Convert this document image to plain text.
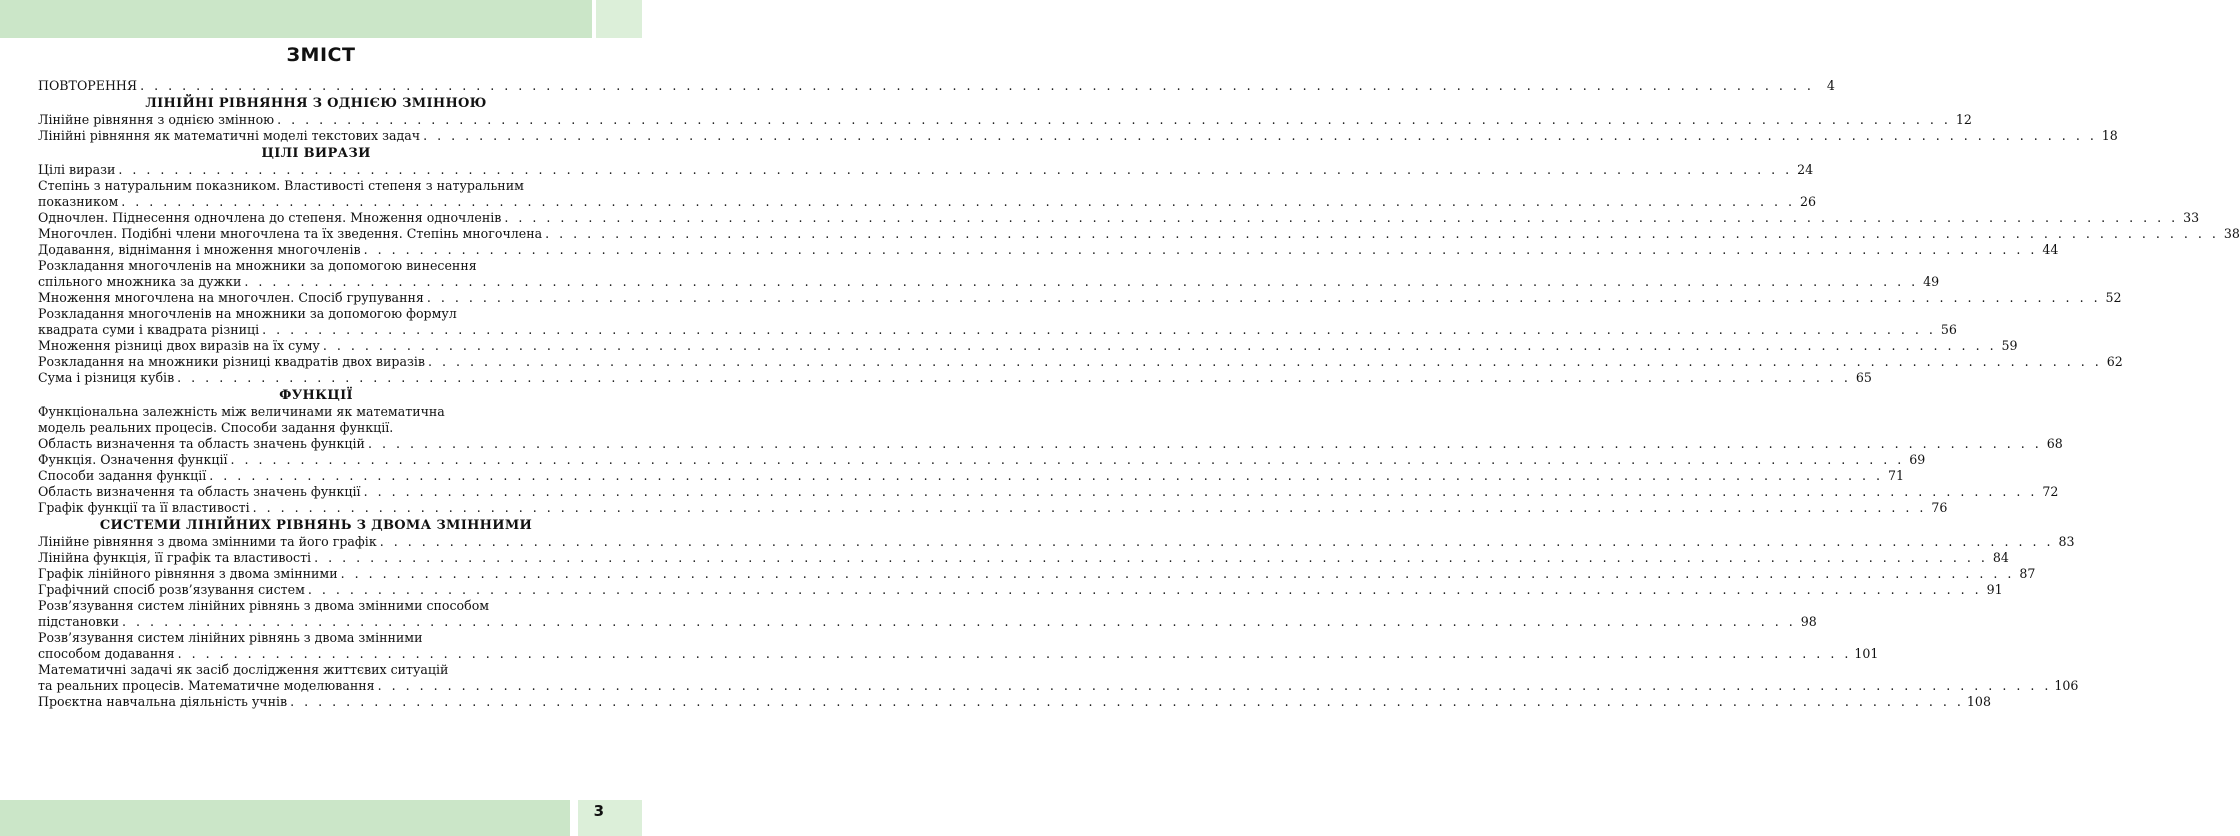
ЗМІСТ
ПОВТОРЕННЯ . . . . . . . . . . . . . . . . . . . . . . . . . . . . . . . . . . . . . . . . . . . . . . . . . . . . . . . . . . . . . . . . . . . . . . . . . . . . . . . . . . . . . . . . . . . . . . . . . . . . . . . . . . . . . . . . . . . . . . . .	4
ЛІНІЙНІ РІВНЯННЯ З ОДНІЄЮ ЗМІННОЮ
Лінійне рівняння з однією змінною . . . . . . . . . . . . . . . . . . . . . . . . . . . . . . . . . . . . . . . . . . . . . . . . . . . . . . . . . . . . . . . . . . . . . . . . . . . . . . . . . . . . . . . . . . . . . . . . . . . . . . . . . . . . . . . . . . . . . . . . 12
Лінійні рівняння як математичні моделі текстових задач . . . . . . . . . . . . . . . . . . . . . . . . . . . . . . . . . . . . . . . . . . . . . . . . . . . . . . . . . . . . . . . . . . . . . . . . . . . . . . . . . . . . . . . . . . . . . . . . . . . . . . . . . . . . . . . . . . . . . . . . 18
ЦІЛІ ВИРАЗИ
Цілі вирази . . . . . . . . . . . . . . . . . . . . . . . . . . . . . . . . . . . . . . . . . . . . . . . . . . . . . . . . . . . . . . . . . . . . . . . . . . . . . . . . . . . . . . . . . . . . . . . . . . . . . . . . . . . . . . . . . . . . . . . . 24
Степінь з натуральним показником. Властивості степеня з натуральним
показником . . . . . . . . . . . . . . . . . . . . . . . . . . . . . . . . . . . . . . . . . . . . . . . . . . . . . . . . . . . . . . . . . . . . . . . . . . . . . . . . . . . . . . . . . . . . . . . . . . . . . . . . . . . . . . . . . . . . . . . . 26
Одночлен. Піднесення одночлена до степеня. Множення одночленів . . . . . . . . . . . . . . . . . . . . . . . . . . . . . . . . . . . . . . . . . . . . . . . . . . . . . . . . . . . . . . . . . . . . . . . . . . . . . . . . . . . . . . . . . . . . . . . . . . . . . . . . . . . . . . . . . . . . . . . . 33
Многочлен. Подібні члени многочлена та їх зведення. Степінь многочлена . . . . . . . . . . . . . . . . . . . . . . . . . . . . . . . . . . . . . . . . . . . . . . . . . . . . . . . . . . . . . . . . . . . . . . . . . . . . . . . . . . . . . . . . . . . . . . . . . . . . . . . . . . . . . . . . . . . . . . . . 38
Додавання, віднімання і множення многочленів . . . . . . . . . . . . . . . . . . . . . . . . . . . . . . . . . . . . . . . . . . . . . . . . . . . . . . . . . . . . . . . . . . . . . . . . . . . . . . . . . . . . . . . . . . . . . . . . . . . . . . . . . . . . . . . . . . . . . . . . 44
Розкладання многочленів на множники за допомогою винесення
спільного множника за дужки . . . . . . . . . . . . . . . . . . . . . . . . . . . . . . . . . . . . . . . . . . . . . . . . . . . . . . . . . . . . . . . . . . . . . . . . . . . . . . . . . . . . . . . . . . . . . . . . . . . . . . . . . . . . . . . . . . . . . . . . 49
Множення многочлена на многочлен. Спосіб групування . . . . . . . . . . . . . . . . . . . . . . . . . . . . . . . . . . . . . . . . . . . . . . . . . . . . . . . . . . . . . . . . . . . . . . . . . . . . . . . . . . . . . . . . . . . . . . . . . . . . . . . . . . . . . . . . . . . . . . . . 52
Розкладання многочленів на множники за допомогою формул
квадрата суми і квадрата різниці . . . . . . . . . . . . . . . . . . . . . . . . . . . . . . . . . . . . . . . . . . . . . . . . . . . . . . . . . . . . . . . . . . . . . . . . . . . . . . . . . . . . . . . . . . . . . . . . . . . . . . . . . . . . . . . . . . . . . . . . 56
Множення різниці двох виразів на їх суму . . . . . . . . . . . . . . . . . . . . . . . . . . . . . . . . . . . . . . . . . . . . . . . . . . . . . . . . . . . . . . . . . . . . . . . . . . . . . . . . . . . . . . . . . . . . . . . . . . . . . . . . . . . . . . . . . . . . . . . . 59
Розкладання на множники різниці квадратів двох виразів . . . . . . . . . . . . . . . . . . . . . . . . . . . . . . . . . . . . . . . . . . . . . . . . . . . . . . . . . . . . . . . . . . . . . . . . . . . . . . . . . . . . . . . . . . . . . . . . . . . . . . . . . . . . . . . . . . . . . . . . 62
Сума і різниця кубів . . . . . . . . . . . . . . . . . . . . . . . . . . . . . . . . . . . . . . . . . . . . . . . . . . . . . . . . . . . . . . . . . . . . . . . . . . . . . . . . . . . . . . . . . . . . . . . . . . . . . . . . . . . . . . . . . . . . . . . . 65
ФУНКЦІЇ
Функціональна залежність між величинами як математична
модель реальних процесів. Способи задання функції.
Область визначення та область значень функцій . . . . . . . . . . . . . . . . . . . . . . . . . . . . . . . . . . . . . . . . . . . . . . . . . . . . . . . . . . . . . . . . . . . . . . . . . . . . . . . . . . . . . . . . . . . . . . . . . . . . . . . . . . . . . . . . . . . . . . . . 68
Функція. Означення функції . . . . . . . . . . . . . . . . . . . . . . . . . . . . . . . . . . . . . . . . . . . . . . . . . . . . . . . . . . . . . . . . . . . . . . . . . . . . . . . . . . . . . . . . . . . . . . . . . . . . . . . . . . . . . . . . . . . . . . . . 69
Способи задання функції . . . . . . . . . . . . . . . . . . . . . . . . . . . . . . . . . . . . . . . . . . . . . . . . . . . . . . . . . . . . . . . . . . . . . . . . . . . . . . . . . . . . . . . . . . . . . . . . . . . . . . . . . . . . . . . . . . . . . . . . 71
Область визначення та область значень функції . . . . . . . . . . . . . . . . . . . . . . . . . . . . . . . . . . . . . . . . . . . . . . . . . . . . . . . . . . . . . . . . . . . . . . . . . . . . . . . . . . . . . . . . . . . . . . . . . . . . . . . . . . . . . . . . . . . . . . . . 72
Графік функції та її властивості . . . . . . . . . . . . . . . . . . . . . . . . . . . . . . . . . . . . . . . . . . . . . . . . . . . . . . . . . . . . . . . . . . . . . . . . . . . . . . . . . . . . . . . . . . . . . . . . . . . . . . . . . . . . . . . . . . . . . . . . 76
СИСТЕМИ ЛІНІЙНИХ РІВНЯНЬ З ДВОМА ЗМІННИМИ
Лінійне рівняння з двома змінними та його графік . . . . . . . . . . . . . . . . . . . . . . . . . . . . . . . . . . . . . . . . . . . . . . . . . . . . . . . . . . . . . . . . . . . . . . . . . . . . . . . . . . . . . . . . . . . . . . . . . . . . . . . . . . . . . . . . . . . . . . . . 83
Лінійна функція, її графік та властивості . . . . . . . . . . . . . . . . . . . . . . . . . . . . . . . . . . . . . . . . . . . . . . . . . . . . . . . . . . . . . . . . . . . . . . . . . . . . . . . . . . . . . . . . . . . . . . . . . . . . . . . . . . . . . . . . . . . . . . . . 84
Графік лінійного рівняння з двома змінними . . . . . . . . . . . . . . . . . . . . . . . . . . . . . . . . . . . . . . . . . . . . . . . . . . . . . . . . . . . . . . . . . . . . . . . . . . . . . . . . . . . . . . . . . . . . . . . . . . . . . . . . . . . . . . . . . . . . . . . . 87
Графічний спосіб розв’язування систем . . . . . . . . . . . . . . . . . . . . . . . . . . . . . . . . . . . . . . . . . . . . . . . . . . . . . . . . . . . . . . . . . . . . . . . . . . . . . . . . . . . . . . . . . . . . . . . . . . . . . . . . . . . . . . . . . . . . . . . . 91
Розв’язування систем лінійних рівнянь з двома змінними способом
підстановки . . . . . . . . . . . . . . . . . . . . . . . . . . . . . . . . . . . . . . . . . . . . . . . . . . . . . . . . . . . . . . . . . . . . . . . . . . . . . . . . . . . . . . . . . . . . . . . . . . . . . . . . . . . . . . . . . . . . . . . . 98
Розв’язування систем лінійних рівнянь з двома змінними
способом додавання . . . . . . . . . . . . . . . . . . . . . . . . . . . . . . . . . . . . . . . . . . . . . . . . . . . . . . . . . . . . . . . . . . . . . . . . . . . . . . . . . . . . . . . . . . . . . . . . . . . . . . . . . . . . . . . . . . . . . . . . 101
Математичні задачі як засіб дослідження життєвих ситуацій
та реальних процесів. Математичне моделювання . . . . . . . . . . . . . . . . . . . . . . . . . . . . . . . . . . . . . . . . . . . . . . . . . . . . . . . . . . . . . . . . . . . . . . . . . . . . . . . . . . . . . . . . . . . . . . . . . . . . . . . . . . . . . . . . . . . . . . . . 106
Проєктна навчальна діяльність учнів . . . . . . . . . . . . . . . . . . . . . . . . . . . . . . . . . . . . . . . . . . . . . . . . . . . . . . . . . . . . . . . . . . . . . . . . . . . . . . . . . . . . . . . . . . . . . . . . . . . . . . . . . . . . . . . . . . . . . . . . 108
3
